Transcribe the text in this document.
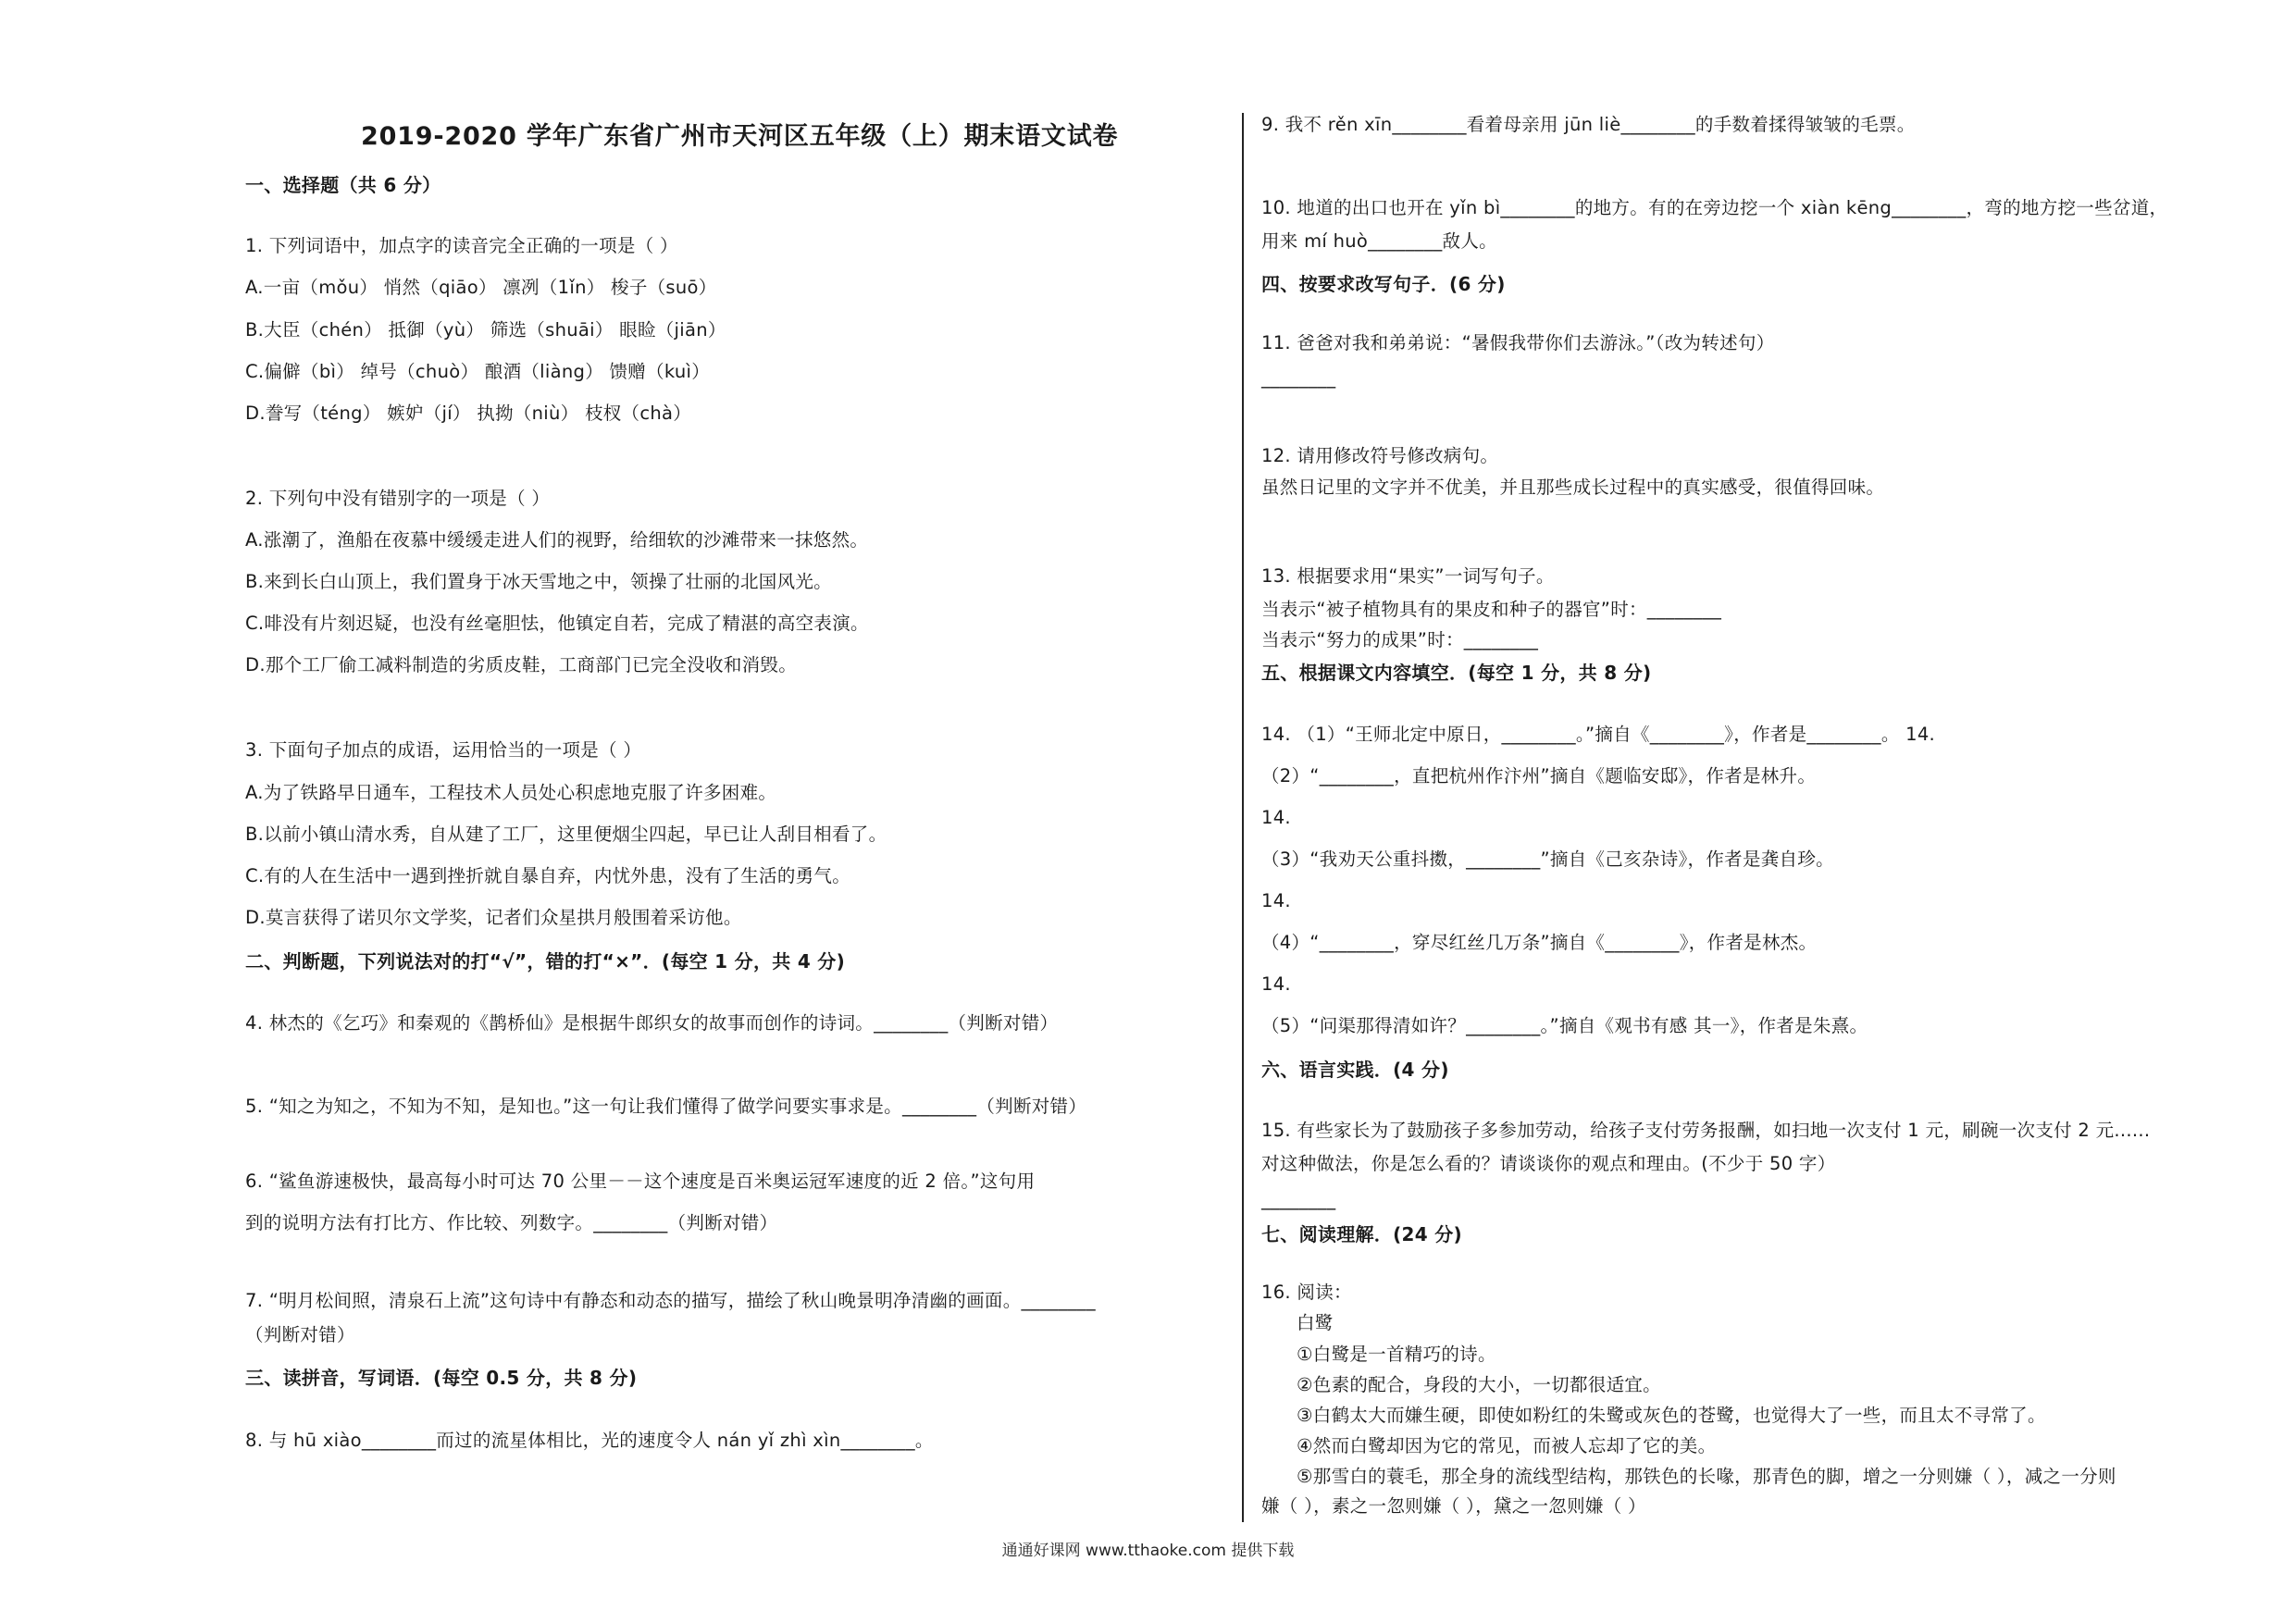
2019-2020 学年广东省广州市天河区五年级（上）期末语文试卷
一、选择题（共 6 分）
1. 下列词语中，加点字的读音完全正确的一项是（ ）
A.一亩（mǒu） 悄然（qiāo） 凛冽（1ǐn） 梭子（suō）
B.大臣（chén） 抵御（yù） 筛选（shuāi） 眼睑（jiān）
C.偏僻（bì） 绰号（chuò） 酿酒（liàng） 馈赠（kuì）
D.誊写（téng） 嫉妒（jí） 执拗（niù） 枝杈（chà）
2. 下列句中没有错别字的一项是（ ）
A.涨潮了，渔船在夜慕中缓缓走进人们的视野，给细软的沙滩带来一抹悠然。
B.来到长白山顶上，我们置身于冰天雪地之中，领操了壮丽的北国风光。
C.啡没有片刻迟疑，也没有丝毫胆怯，他镇定自若，完成了精湛的高空表演。
D.那个工厂偷工减料制造的劣质皮鞋，工商部门已完全没收和消毁。
3. 下面句子加点的成语，运用恰当的一项是（ ）
A.为了铁路早日通车，工程技术人员处心积虑地克服了许多困难。
B.以前小镇山清水秀，自从建了工厂，这里便烟尘四起，早已让人刮目相看了。
C.有的人在生活中一遇到挫折就自暴自弃，内忧外患，没有了生活的勇气。
D.莫言获得了诺贝尔文学奖，记者们众星拱月般围着采访他。
二、判断题，下列说法对的打“√”，错的打“×”．(每空 1 分，共 4 分)
4. 林杰的《乞巧》和秦观的《鹊桥仙》是根据牛郎织女的故事而创作的诗词。________（判断对错）
5. “知之为知之，不知为不知，是知也。”这一句让我们懂得了做学问要实事求是。________（判断对错）
6. “鲨鱼游速极快，最高每小时可达 70 公里－－这个速度是百米奥运冠军速度的近 2 倍。”这句用
到的说明方法有打比方、作比较、列数字。________（判断对错）
7. “明月松间照，清泉石上流”这句诗中有静态和动态的描写，描绘了秋山晚景明净清幽的画面。________
（判断对错）
三、读拼音，写词语．(每空 0.5 分，共 8 分)
8. 与 hū xiào________而过的流星体相比，光的速度令人 nán yǐ zhì xìn________。
9. 我不 rěn xīn________看着母亲用 jūn liè________的手数着揉得皱皱的毛票。
10. 地道的出口也开在 yǐn bì________的地方。有的在旁边挖一个 xiàn kēng________，弯的地方挖一些岔道，
用来 mí huò________敌人。
四、按要求改写句子．(6 分)
11. 爸爸对我和弟弟说：“暑假我带你们去游泳。”（改为转述句）
________
12. 请用修改符号修改病句。
虽然日记里的文字并不优美，并且那些成长过程中的真实感受，很值得回味。
13. 根据要求用“果实”一词写句子。
当表示“被子植物具有的果皮和种子的器官”时：________
当表示“努力的成果”时：________
五、根据课文内容填空．(每空 1 分，共 8 分)
14. （1）“王师北定中原日，________。”摘自《________》，作者是________。 14.
（2）“________，直把杭州作汴州”摘自《题临安邸》，作者是林升。
14.
（3）“我劝天公重抖擞，________”摘自《己亥杂诗》，作者是龚自珍。
14.
（4）“________，穿尽红丝几万条”摘自《________》，作者是林杰。
14.
（5）“问渠那得清如许？________。”摘自《观书有感 其一》，作者是朱熹。
六、语言实践．(4 分)
15. 有些家长为了鼓励孩子多参加劳动，给孩子支付劳务报酬，如扫地一次支付 1 元，刷碗一次支付 2 元......
对这种做法，你是怎么看的？请谈谈你的观点和理由。(不少于 50 字）
________
七、阅读理解．(24 分)
16. 阅读：
白鹭
①白鹭是一首精巧的诗。
②色素的配合，身段的大小，一切都很适宜。
③白鹤太大而嫌生硬，即使如粉红的朱鹭或灰色的苍鹭，也觉得大了一些，而且太不寻常了。
④然而白鹭却因为它的常见，而被人忘却了它的美。
⑤那雪白的蓑毛，那全身的流线型结构，那铁色的长喙，那青色的脚，增之一分则嫌（ ），减之一分则
嫌（ ），素之一忽则嫌（ ），黛之一忽则嫌（ ）
通通好课网 www.tthaoke.com 提供下载
